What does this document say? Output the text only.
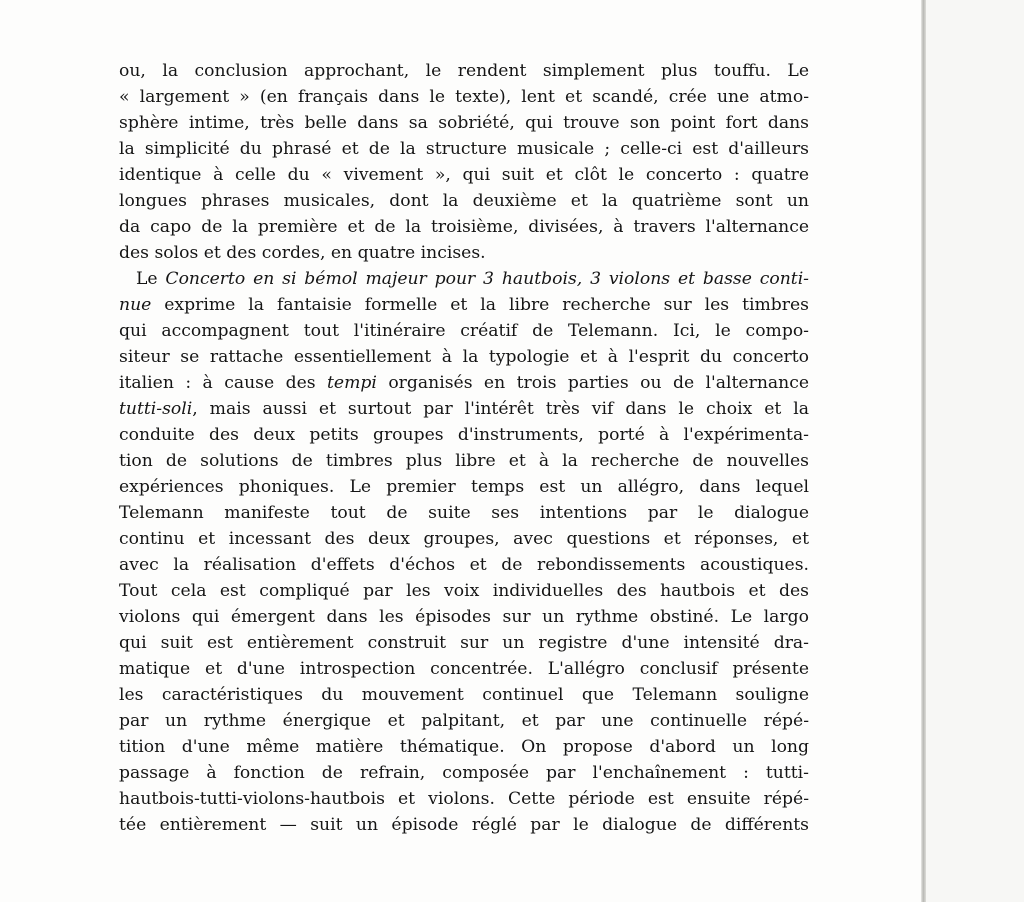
ou, la conclusion approchant, le rendent simplement plus touffu. Le
« largement » (en français dans le texte), lent et scandé, crée une atmo-
sphère intime, très belle dans sa sobriété, qui trouve son point fort dans
la simplicité du phrasé et de la structure musicale ; celle-ci est d'ailleurs
identique à celle du « vivement », qui suit et clôt le concerto : quatre
longues phrases musicales, dont la deuxième et la quatrième sont un
da capo de la première et de la troisième, divisées, à travers l'alternance
des solos et des cordes, en quatre incises.
Le Concerto en si bémol majeur pour 3 hautbois, 3 violons et basse conti-
nue exprime la fantaisie formelle et la libre recherche sur les timbres
qui accompagnent tout l'itinéraire créatif de Telemann. Ici, le compo-
siteur se rattache essentiellement à la typologie et à l'esprit du concerto
italien : à cause des tempi organisés en trois parties ou de l'alternance
tutti-soli, mais aussi et surtout par l'intérêt très vif dans le choix et la
conduite des deux petits groupes d'instruments, porté à l'expérimenta-
tion de solutions de timbres plus libre et à la recherche de nouvelles
expériences phoniques. Le premier temps est un allégro, dans lequel
Telemann manifeste tout de suite ses intentions par le dialogue
continu et incessant des deux groupes, avec questions et réponses, et
avec la réalisation d'effets d'échos et de rebondissements acoustiques.
Tout cela est compliqué par les voix individuelles des hautbois et des
violons qui émergent dans les épisodes sur un rythme obstiné. Le largo
qui suit est entièrement construit sur un registre d'une intensité dra-
matique et d'une introspection concentrée. L'allégro conclusif présente
les caractéristiques du mouvement continuel que Telemann souligne
par un rythme énergique et palpitant, et par une continuelle répé-
tition d'une même matière thématique. On propose d'abord un long
passage à fonction de refrain, composée par l'enchaînement : tutti-
hautbois-tutti-violons-hautbois et violons. Cette période est ensuite répé-
tée entièrement — suit un épisode réglé par le dialogue de différents
